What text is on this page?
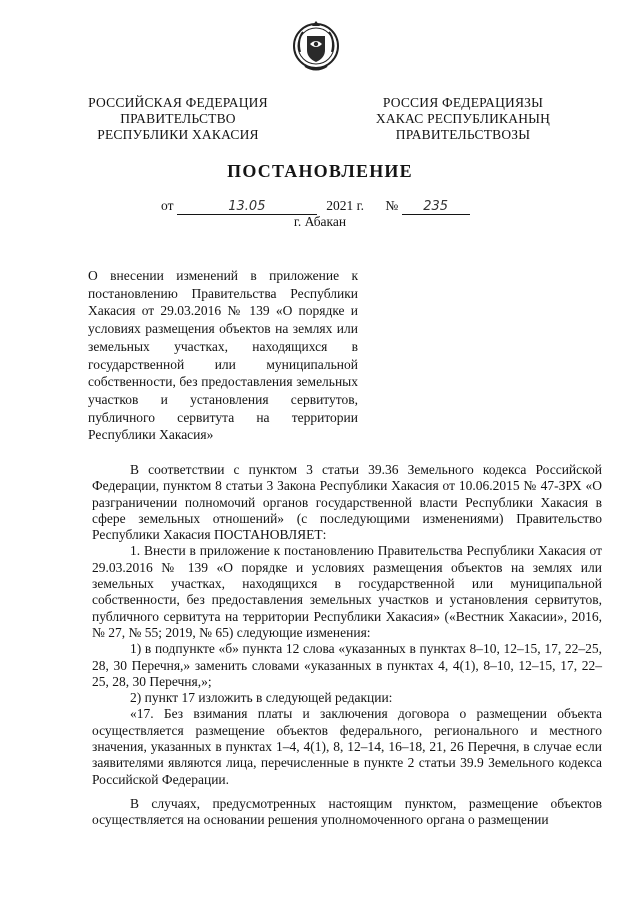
РОССИЙСКАЯ ФЕДЕРАЦИЯ
ПРАВИТЕЛЬСТВО
РЕСПУБЛИКИ ХАКАСИЯ
РОССИЯ ФЕДЕРАЦИЯЗЫ
ХАКАС РЕСПУБЛИКАНЫҢ
ПРАВИТЕЛЬСТВОЗЫ
ПОСТАНОВЛЕНИЕ
от	13.05	2021 г. № 235
г. Абакан
О внесении изменений в приложение к постановлению Правительства Республики Хакасия от 29.03.2016 № 139 «О порядке и условиях размещения объектов на землях или земельных участках, находящихся в государственной или муниципальной собственности, без предоставления земельных участков и установления сервитутов, публичного сервитута на территории Республики Хакасия»

В соответствии с пунктом 3 статьи 39.36 Земельного кодекса Российской Федерации, пунктом 8 статьи 3 Закона Республики Хакасия от 10.06.2015 № 47-ЗРХ «О разграничении полномочий органов государственной власти Республики Хакасия в сфере земельных отношений» (с последующими изменениями) Правительство Республики Хакасия ПОСТАНОВЛЯЕТ:

1. Внести в приложение к постановлению Правительства Республики Хакасия от 29.03.2016 № 139 «О порядке и условиях размещения объектов на землях или земельных участках, находящихся в государственной или муниципальной собственности, без предоставления земельных участков и установления сервитутов, публичного сервитута на территории Республики Хакасия» («Вестник Хакасии», 2016, № 27, № 55; 2019, № 65) следующие изменения:

1) в подпункте «б» пункта 12 слова «указанных в пунктах 8–10, 12–15, 17, 22–25, 28, 30 Перечня,» заменить словами «указанных в пунктах 4, 4(1), 8–10, 12–15, 17, 22–25, 28, 30 Перечня,»;

2) пункт 17 изложить в следующей редакции:

«17. Без взимания платы и заключения договора о размещении объекта осуществляется размещение объектов федерального, регионального и местного значения, указанных в пунктах 1–4, 4(1), 8, 12–14, 16–18, 21, 26 Перечня, в случае если заявителями являются лица, перечисленные в пункте 2 статьи 39.9 Земельного кодекса Российской Федерации.

В случаях, предусмотренных настоящим пунктом, размещение объектов осуществляется на основании решения уполномоченного органа о размещении
